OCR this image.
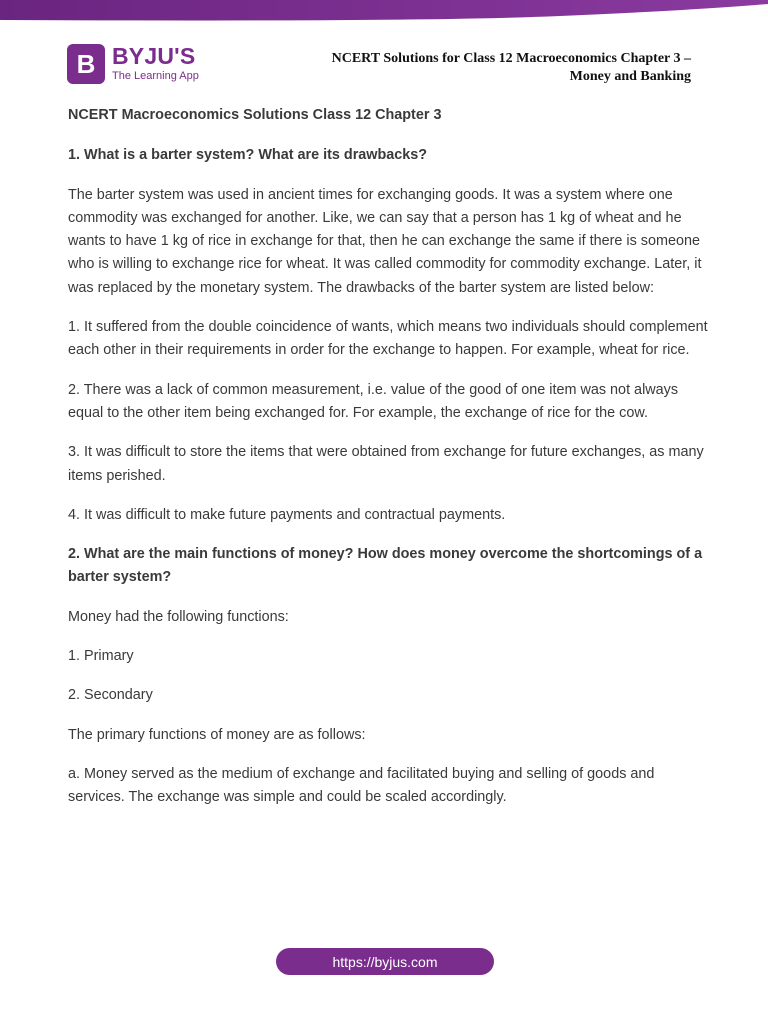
B BYJU'S
The Learning App
NCERT Solutions for Class 12 Macroeconomics Chapter 3 –
Money and Banking

NCERT Macroeconomics Solutions Class 12 Chapter 3

1. What is a barter system? What are its drawbacks?

The barter system was used in ancient times for exchanging goods. It was a system where one commodity was exchanged for another. Like, we can say that a person has 1 kg of wheat and he wants to have 1 kg of rice in exchange for that, then he can exchange the same if there is someone who is willing to exchange rice for wheat. It was called commodity for commodity exchange. Later, it was replaced by the monetary system. The drawbacks of the barter system are listed below:

1. It suffered from the double coincidence of wants, which means two individuals should complement each other in their requirements in order for the exchange to happen. For example, wheat for rice.

2. There was a lack of common measurement, i.e. value of the good of one item was not always equal to the other item being exchanged for. For example, the exchange of rice for the cow.

3. It was difficult to store the items that were obtained from exchange for future exchanges, as many items perished.

4. It was difficult to make future payments and contractual payments.

2. What are the main functions of money? How does money overcome the shortcomings of a barter system?

Money had the following functions:

1. Primary

2. Secondary

The primary functions of money are as follows:

a. Money served as the medium of exchange and facilitated buying and selling of goods and services. The exchange was simple and could be scaled accordingly.

https://byjus.com
